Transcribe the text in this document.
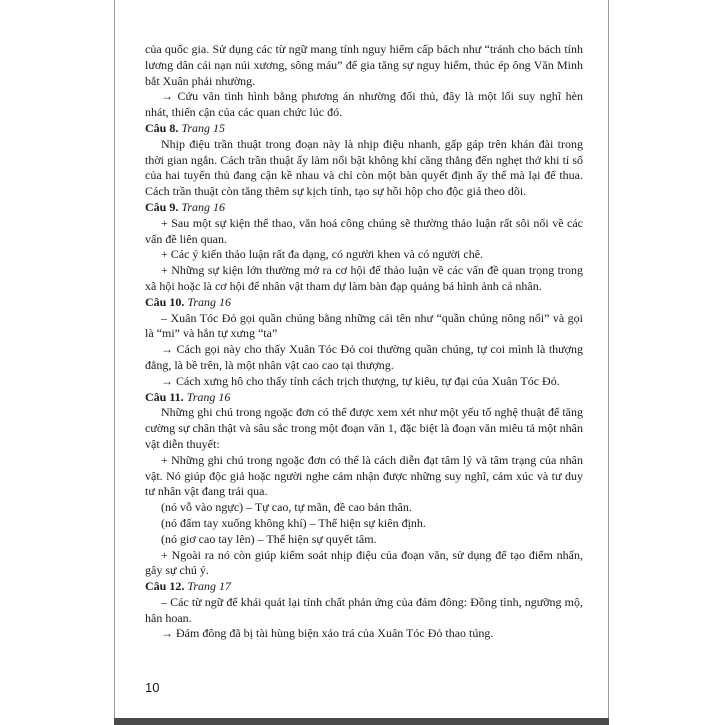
của quốc gia. Sử dụng các từ ngữ mang tính nguy hiểm cấp bách như “tránh cho bách tính lương dân cái nạn núi xương, sông máu” để gia tăng sự nguy hiểm, thúc ép ông Văn Minh bắt Xuân phải nhường.

→ Cứu vãn tình hình bằng phương án nhường đối thủ, đây là một lối suy nghĩ hèn nhát, thiển cận của các quan chức lúc đó.

Câu 8. Trang 15

Nhịp điệu trần thuật trong đoạn này là nhịp điệu nhanh, gấp gáp trên khán đài trong thời gian ngắn. Cách trần thuật ấy làm nổi bật không khí căng thẳng đến nghẹt thở khi tỉ số của hai tuyển thủ đang cận kề nhau và chỉ còn một bàn quyết định ấy thế mà lại để thua. Cách trần thuật còn tăng thêm sự kịch tính, tạo sự hồi hộp cho độc giả theo dõi.

Câu 9. Trang 16

+ Sau một sự kiện thể thao, văn hoá công chúng sẽ thường thảo luận rất sôi nổi về các vấn đề liên quan.

+ Các ý kiến thảo luận rất đa dạng, có người khen và có người chê.

+ Những sự kiện lớn thường mở ra cơ hội để thảo luận về các vấn đề quan trọng trong xã hội hoặc là cơ hội để nhân vật tham dự làm bàn đạp quảng bá hình ảnh cá nhân.

Câu 10. Trang 16

– Xuân Tóc Đỏ gọi quần chúng bằng những cái tên như “quần chúng nông nổi” và gọi là “mi” và hắn tự xưng “ta”

→ Cách gọi này cho thấy Xuân Tóc Đỏ coi thường quần chúng, tự coi mình là thượng đẳng, là bề trên, là một nhân vật cao cao tại thượng.

→ Cách xưng hô cho thấy tính cách trịch thượng, tự kiêu, tự đại của Xuân Tóc Đỏ.

Câu 11. Trang 16

Những ghi chú trong ngoặc đơn có thể được xem xét như một yếu tố nghệ thuật để tăng cường sự chân thật và sâu sắc trong một đoạn văn 1, đặc biệt là đoạn văn miêu tả một nhân vật diễn thuyết:

+ Những ghi chú trong ngoặc đơn có thể là cách diễn đạt tâm lý và tâm trạng của nhân vật. Nó giúp độc giả hoặc người nghe cảm nhận được những suy nghĩ, cảm xúc và tư duy tư nhân vật đang trải qua.

(nó vỗ vào ngực) – Tự cao, tự mãn, đề cao bản thân.

(nó đấm tay xuống không khí) – Thể hiện sự kiên định.

(nó giơ cao tay lên) – Thể hiện sự quyết tâm.

+ Ngoài ra nó còn giúp kiểm soát nhịp điệu của đoạn văn, sử dụng để tạo điểm nhấn, gây sự chú ý.

Câu 12. Trang 17

– Các từ ngữ để khái quát lại tính chất phản ứng của đám đông: Đồng tình, ngưỡng mộ, hân hoan.

→ Đám đông đã bị tài hùng biện xảo trá của Xuân Tóc Đỏ thao túng.

10
